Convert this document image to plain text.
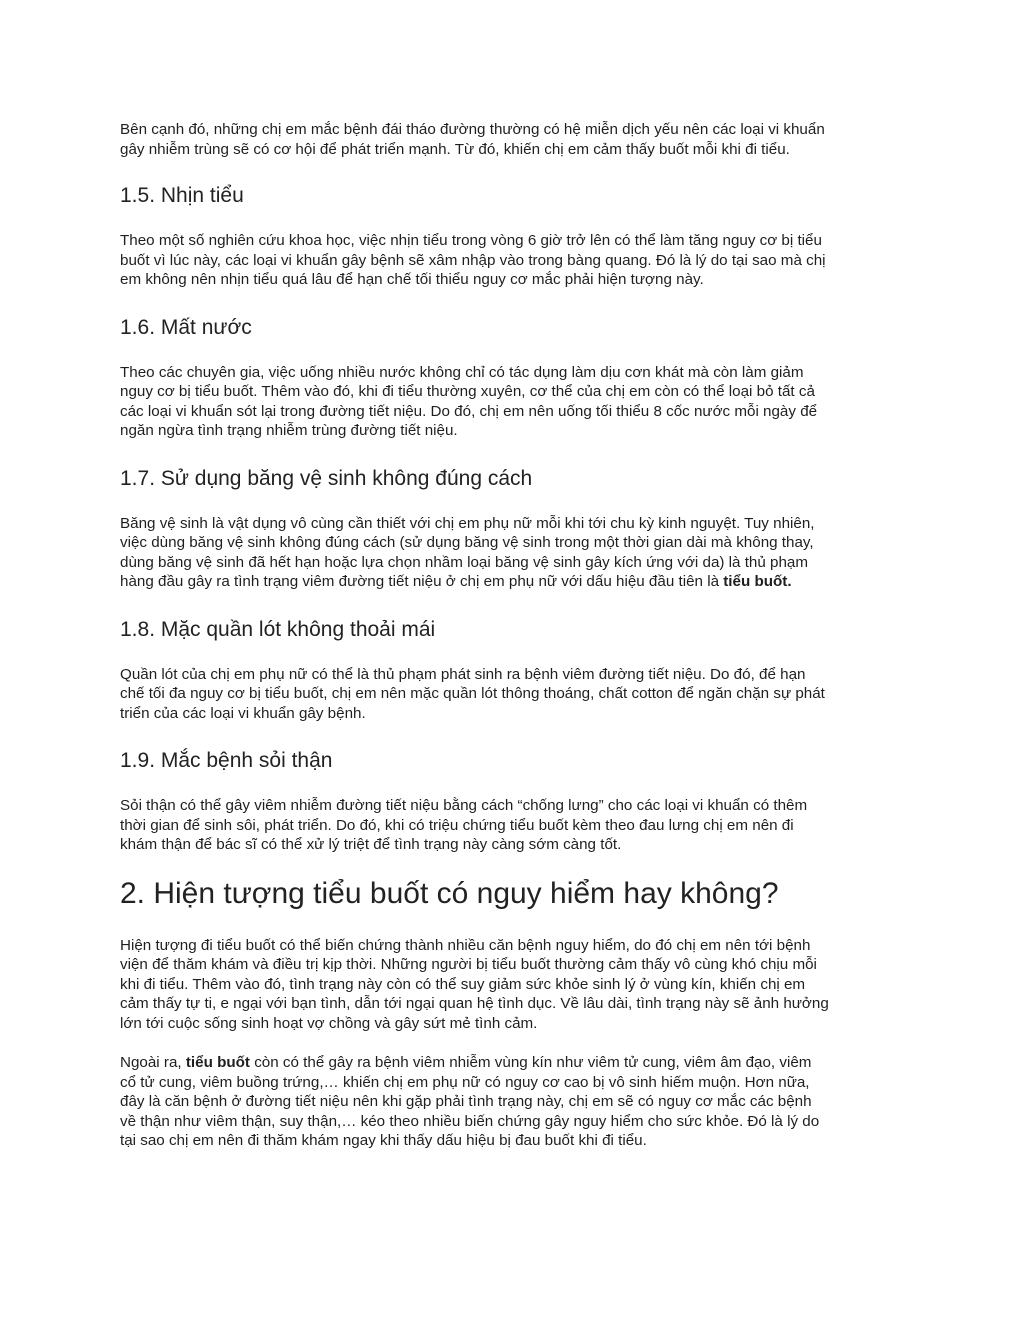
Bên cạnh đó, những chị em mắc bệnh đái tháo đường thường có hệ miễn dịch yếu nên các loại vi khuẩn
gây nhiễm trùng sẽ có cơ hội để phát triển mạnh. Từ đó, khiến chị em cảm thấy buốt mỗi khi đi tiểu.

1.5. Nhịn tiểu

Theo một số nghiên cứu khoa học, việc nhịn tiểu trong vòng 6 giờ trở lên có thể làm tăng nguy cơ bị tiểu
buốt vì lúc này, các loại vi khuẩn gây bệnh sẽ xâm nhập vào trong bàng quang. Đó là lý do tại sao mà chị
em không nên nhịn tiểu quá lâu để hạn chế tối thiểu nguy cơ mắc phải hiện tượng này.

1.6. Mất nước

Theo các chuyên gia, việc uống nhiều nước không chỉ có tác dụng làm dịu cơn khát mà còn làm giảm
nguy cơ bị tiểu buốt. Thêm vào đó, khi đi tiểu thường xuyên, cơ thể của chị em còn có thể loại bỏ tất cả
các loại vi khuẩn sót lại trong đường tiết niệu. Do đó, chị em nên uống tối thiểu 8 cốc nước mỗi ngày để
ngăn ngừa tình trạng nhiễm trùng đường tiết niệu.

1.7. Sử dụng băng vệ sinh không đúng cách

Băng vệ sinh là vật dụng vô cùng cần thiết với chị em phụ nữ mỗi khi tới chu kỳ kinh nguyệt. Tuy nhiên,
việc dùng băng vệ sinh không đúng cách (sử dụng băng vệ sinh trong một thời gian dài mà không thay,
dùng băng vệ sinh đã hết hạn hoặc lựa chọn nhầm loại băng vệ sinh gây kích ứng với da) là thủ phạm
hàng đầu gây ra tình trạng viêm đường tiết niệu ở chị em phụ nữ với dấu hiệu đầu tiên là tiểu buốt.

1.8. Mặc quần lót không thoải mái

Quần lót của chị em phụ nữ có thể là thủ phạm phát sinh ra bệnh viêm đường tiết niệu. Do đó, để hạn
chế tối đa nguy cơ bị tiểu buốt, chị em nên mặc quần lót thông thoáng, chất cotton để ngăn chặn sự phát
triển của các loại vi khuẩn gây bệnh.

1.9. Mắc bệnh sỏi thận

Sỏi thận có thể gây viêm nhiễm đường tiết niệu bằng cách “chống lưng” cho các loại vi khuẩn có thêm
thời gian để sinh sôi, phát triển. Do đó, khi có triệu chứng tiểu buốt kèm theo đau lưng chị em nên đi
khám thận để bác sĩ có thể xử lý triệt để tình trạng này càng sớm càng tốt.

2. Hiện tượng tiểu buốt có nguy hiểm hay không?

Hiện tượng đi tiểu buốt có thể biến chứng thành nhiều căn bệnh nguy hiểm, do đó chị em nên tới bệnh
viện để thăm khám và điều trị kịp thời. Những người bị tiểu buốt thường cảm thấy vô cùng khó chịu mỗi
khi đi tiểu. Thêm vào đó, tình trạng này còn có thể suy giảm sức khỏe sinh lý ở vùng kín, khiến chị em
cảm thấy tự ti, e ngại với bạn tình, dẫn tới ngại quan hệ tình dục. Về lâu dài, tình trạng này sẽ ảnh hưởng
lớn tới cuộc sống sinh hoạt vợ chồng và gây sứt mẻ tình cảm.

Ngoài ra, tiểu buốt còn có thể gây ra bệnh viêm nhiễm vùng kín như viêm tử cung, viêm âm đạo, viêm
cổ tử cung, viêm buồng trứng,… khiến chị em phụ nữ có nguy cơ cao bị vô sinh hiếm muộn. Hơn nữa,
đây là căn bệnh ở đường tiết niệu nên khi gặp phải tình trạng này, chị em sẽ có nguy cơ mắc các bệnh
về thận như viêm thận, suy thận,… kéo theo nhiều biến chứng gây nguy hiểm cho sức khỏe. Đó là lý do
tại sao chị em nên đi thăm khám ngay khi thấy dấu hiệu bị đau buốt khi đi tiểu.
